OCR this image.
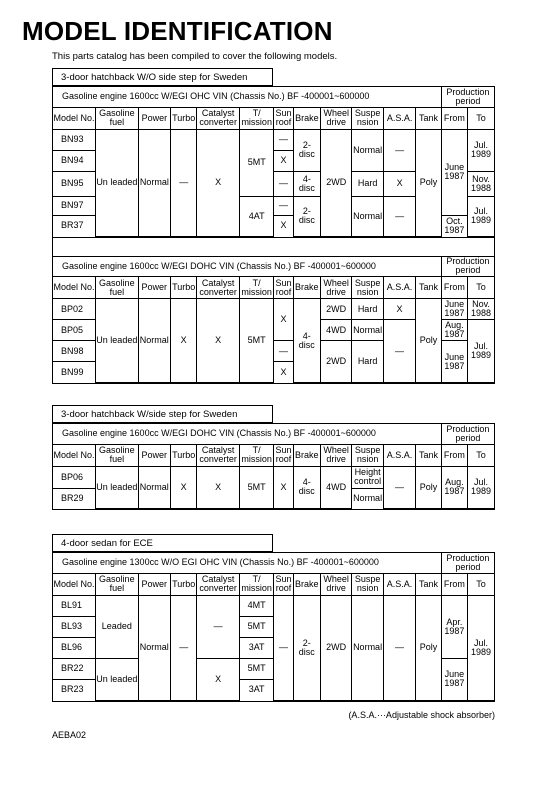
MODEL IDENTIFICATION
This parts catalog has been compiled to cover the following models.
3-door hatchback W/O side step for Sweden
Gasoline engine 1600cc W/EGI OHC VIN (Chassis No.) BF -400001~600000												Production period	
Model No.	Gasoline fuel	Power	Turbo	Catalyst converter	T/ mission	Sun roof	Brake	Wheel drive	Suspe nsion	A.S.A.	Tank	From	To
BN93	Un leaded	Normal	—	X	5MT	—	2- disc	2WD	Normal	—	Poly	June 1987	Jul. 1989
BN94						X							
BN95						—	4- disc		Hard	X			Nov. 1988
BN97					4AT	—	2- disc		Normal	—			Jul. 1989
BR37						X						Oct. 1987	
Gasoline engine 1600cc W/EGI DOHC VIN (Chassis No.) BF -400001~600000												Production period	
Model No.	Gasoline fuel	Power	Turbo	Catalyst converter	T/ mission	Sun roof	Brake	Wheel drive	Suspe nsion	A.S.A.	Tank	From	To
BP02	Un leaded	Normal	X	X	5MT	X	4- disc	2WD	Hard	X	Poly	June 1987	Nov. 1988
BP05								4WD	Normal	—		Aug. 1987	Jul. 1989
BN98						—		2WD	Hard			June 1987	
BN99						X							
3-door hatchback W/side step for Sweden
Gasoline engine 1600cc W/EGI DOHC VIN (Chassis No.) BF -400001~600000												Production period	
Model No.	Gasoline fuel	Power	Turbo	Catalyst converter	T/ mission	Sun roof	Brake	Wheel drive	Suspe nsion	A.S.A.	Tank	From	To
BP06	Un leaded	Normal	X	X	5MT	X	4- disc	4WD	Height control	—	Poly	Aug. 1987	Jul. 1989
BR29									Normal				
4-door sedan for ECE
Gasoline engine 1300cc W/O EGI OHC VIN (Chassis No.) BF -400001~600000												Production period	
Model No.	Gasoline fuel	Power	Turbo	Catalyst converter	T/ mission	Sun roof	Brake	Wheel drive	Suspe nsion	A.S.A.	Tank	From	To
BL91	Leaded	Normal	—	—	4MT	—	2- disc	2WD	Normal	—	Poly	Apr. 1987	Jul. 1989
BL93					5MT								
BL96					3AT								
BR22	Un leaded			X	5MT							June 1987	
BR23					3AT								
(A.S.A.···Adjustable shock absorber)
AEBA02
